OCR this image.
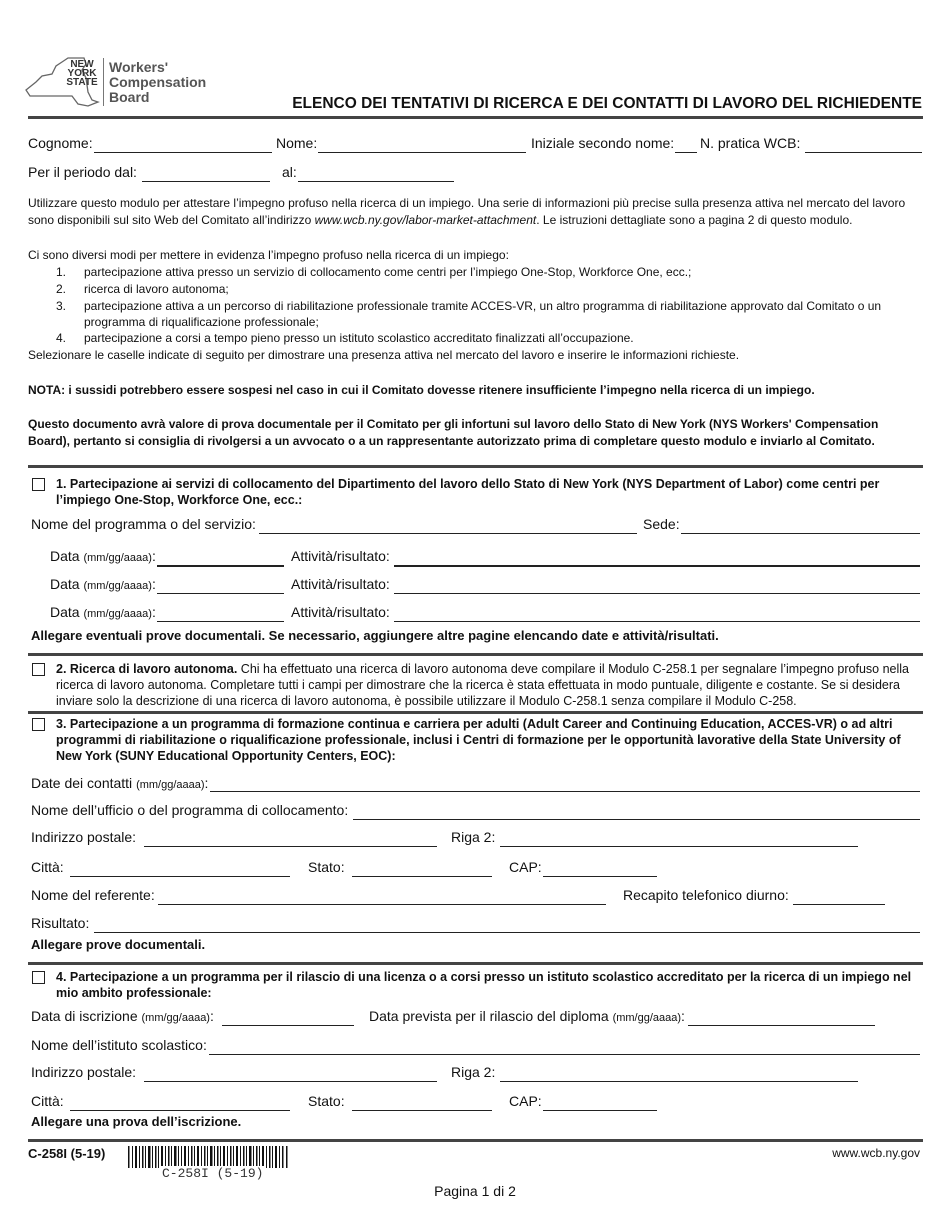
NEW
YORK
STATE
Workers'
Compensation
Board	ELENCO DEI TENTATIVI DI RICERCA E DEI CONTATTI DI LAVORO DEL RICHIEDENTE
Cognome:	Nome:	Iniziale secondo nome: N. pratica WCB:
Per il periodo dal:	al:
Utilizzare questo modulo per attestare l’impegno profuso nella ricerca di un impiego. Una serie di informazioni più precise sulla presenza attiva nel mercato del lavoro sono disponibili sul sito Web del Comitato all’indirizzo www.wcb.ny.gov/labor-market-attachment. Le istruzioni dettagliate sono a pagina 2 di questo modulo.
Ci sono diversi modi per mettere in evidenza l’impegno profuso nella ricerca di un impiego:
1. partecipazione attiva presso un servizio di collocamento come centri per l’impiego One-Stop, Workforce One, ecc.;
2. ricerca di lavoro autonoma;
3. partecipazione attiva a un percorso di riabilitazione professionale tramite ACCES-VR, un altro programma di riabilitazione approvato dal Comitato o un programma di riqualificazione professionale;
4. partecipazione a corsi a tempo pieno presso un istituto scolastico accreditato finalizzati all’occupazione.
Selezionare le caselle indicate di seguito per dimostrare una presenza attiva nel mercato del lavoro e inserire le informazioni richieste.
NOTA: i sussidi potrebbero essere sospesi nel caso in cui il Comitato dovesse ritenere insufficiente l’impegno nella ricerca di un impiego.
Questo documento avrà valore di prova documentale per il Comitato per gli infortuni sul lavoro dello Stato di New York (NYS Workers' Compensation Board), pertanto si consiglia di rivolgersi a un avvocato o a un rappresentante autorizzato prima di completare questo modulo e inviarlo al Comitato.
1. Partecipazione ai servizi di collocamento del Dipartimento del lavoro dello Stato di New York (NYS Department of Labor) come centri per l’impiego One-Stop, Workforce One, ecc.:
Nome del programma o del servizio:	Sede:
Data (mm/gg/aaaa):	Attività/risultato:
Data (mm/gg/aaaa):	Attività/risultato:
Data (mm/gg/aaaa):	Attività/risultato:
Allegare eventuali prove documentali. Se necessario, aggiungere altre pagine elencando date e attività/risultati.
2. Ricerca di lavoro autonoma. Chi ha effettuato una ricerca di lavoro autonoma deve compilare il Modulo C-258.1 per segnalare l’impegno profuso nella ricerca di lavoro autonoma. Completare tutti i campi per dimostrare che la ricerca è stata effettuata in modo puntuale, diligente e costante. Se si desidera inviare solo la descrizione di una ricerca di lavoro autonoma, è possibile utilizzare il Modulo C-258.1 senza compilare il Modulo C-258.
3. Partecipazione a un programma di formazione continua e carriera per adulti (Adult Career and Continuing Education, ACCES-VR) o ad altri programmi di riabilitazione o riqualificazione professionale, inclusi i Centri di formazione per le opportunità lavorative della State University of New York (SUNY Educational Opportunity Centers, EOC):
Date dei contatti (mm/gg/aaaa):
Nome dell’ufficio o del programma di collocamento:
Indirizzo postale:	Riga 2:
Città:	Stato:	CAP:
Nome del referente:	Recapito telefonico diurno:
Risultato:
Allegare prove documentali.
4. Partecipazione a un programma per il rilascio di una licenza o a corsi presso un istituto scolastico accreditato per la ricerca di un impiego nel mio ambito professionale:
Data di iscrizione (mm/gg/aaaa):	Data prevista per il rilascio del diploma (mm/gg/aaaa):
Nome dell’istituto scolastico:
Indirizzo postale:	Riga 2:
Città:	Stato:	CAP:
Allegare una prova dell’iscrizione.
C-258I (5-19)
C-258I (5-19)
www.wcb.ny.gov
Pagina 1 di 2
